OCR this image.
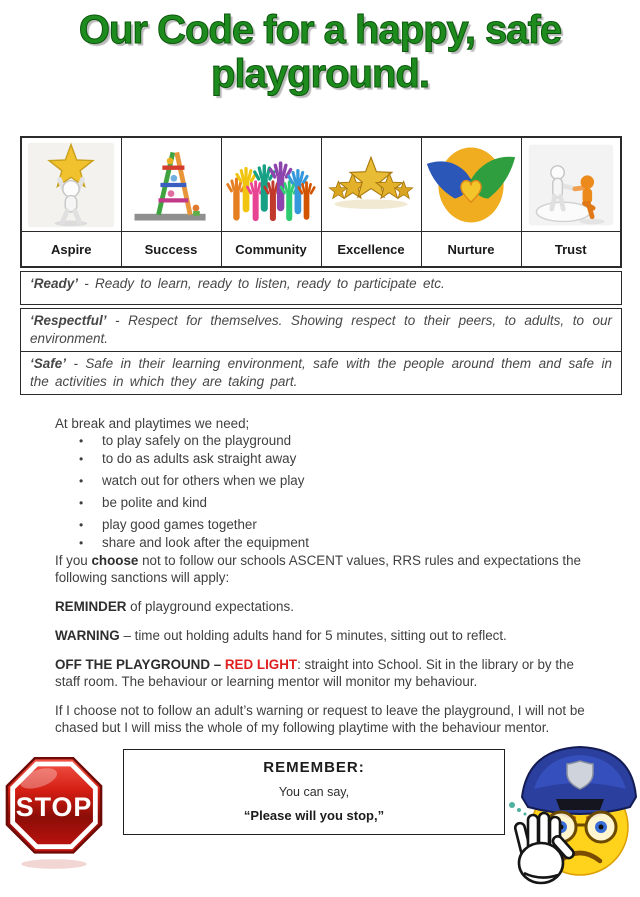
Our Code for a happy, safe playground.

Aspire	Success	Community	Excellence	Nurture	Trust
‘Ready’ - Ready to learn, ready to listen, ready to participate etc.
‘Respectful’ - Respect for themselves. Showing respect to their peers, to adults, to our environment.
‘Safe’ - Safe in their learning environment, safe with the people around them and safe in the activities in which they are taking part.

At break and playtimes we need;

• to play safely on the playground
• to do as adults ask straight away
• watch out for others when we play
• be polite and kind
• play good games together
• share and look after the equipment

If you choose not to follow our schools ASCENT values, RRS rules and expectations the following sanctions will apply:

REMINDER of playground expectations.

WARNING – time out holding adults hand for 5 minutes, sitting out to reflect.

OFF THE PLAYGROUND – RED LIGHT: straight into School. Sit in the library or by the staff room. The behaviour or learning mentor will monitor my behaviour.

If I choose not to follow an adult’s warning or request to leave the playground, I will not be chased but I will miss the whole of my following playtime with the behaviour mentor.

STOP
REMEMBER:
You can say,
“Please will you stop,”
